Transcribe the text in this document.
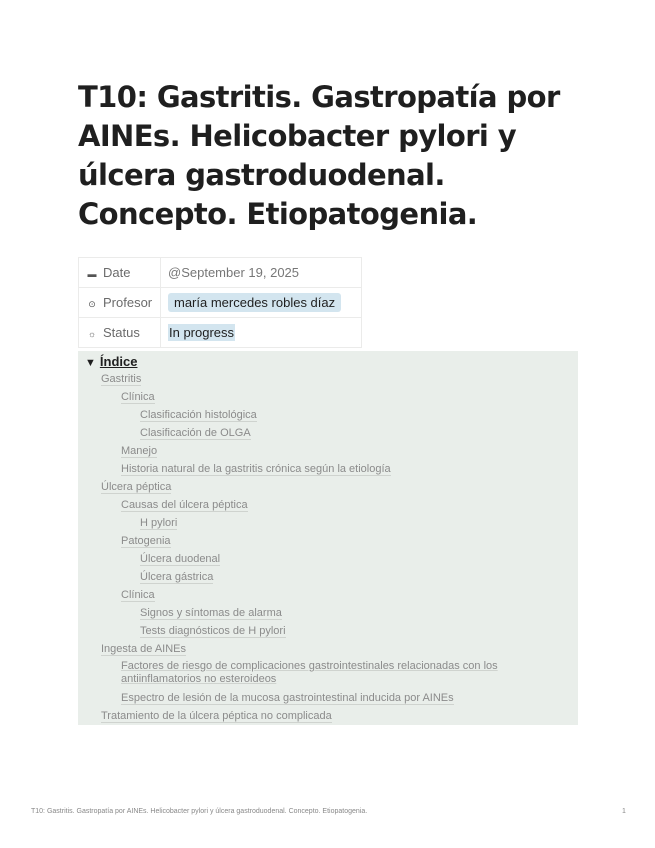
T10: Gastritis. Gastropatía por AINEs. Helicobacter pylori y úlcera gastroduodenal. Concepto. Etiopatogenia.
▬ Date	@September 19, 2025
⊙ Profesor	maría mercedes robles díaz
☼ Status	In progress
▼ Índice
Gastritis
Clínica
Clasificación histológica
Clasificación de OLGA
Manejo
Historia natural de la gastritis crónica según la etiología
Úlcera péptica
Causas del úlcera péptica
H pylori
Patogenia
Úlcera duodenal
Úlcera gástrica
Clínica
Signos y síntomas de alarma
Tests diagnósticos de H pylori
Ingesta de AINEs
Factores de riesgo de complicaciones gastrointestinales relacionadas con los antiinflamatorios no esteroideos
Espectro de lesión de la mucosa gastrointestinal inducida por AINEs
Tratamiento de la úlcera péptica no complicada
T10: Gastritis. Gastropatía por AINEs. Helicobacter pylori y úlcera gastroduodenal. Concepto. Etiopatogenia.	1
